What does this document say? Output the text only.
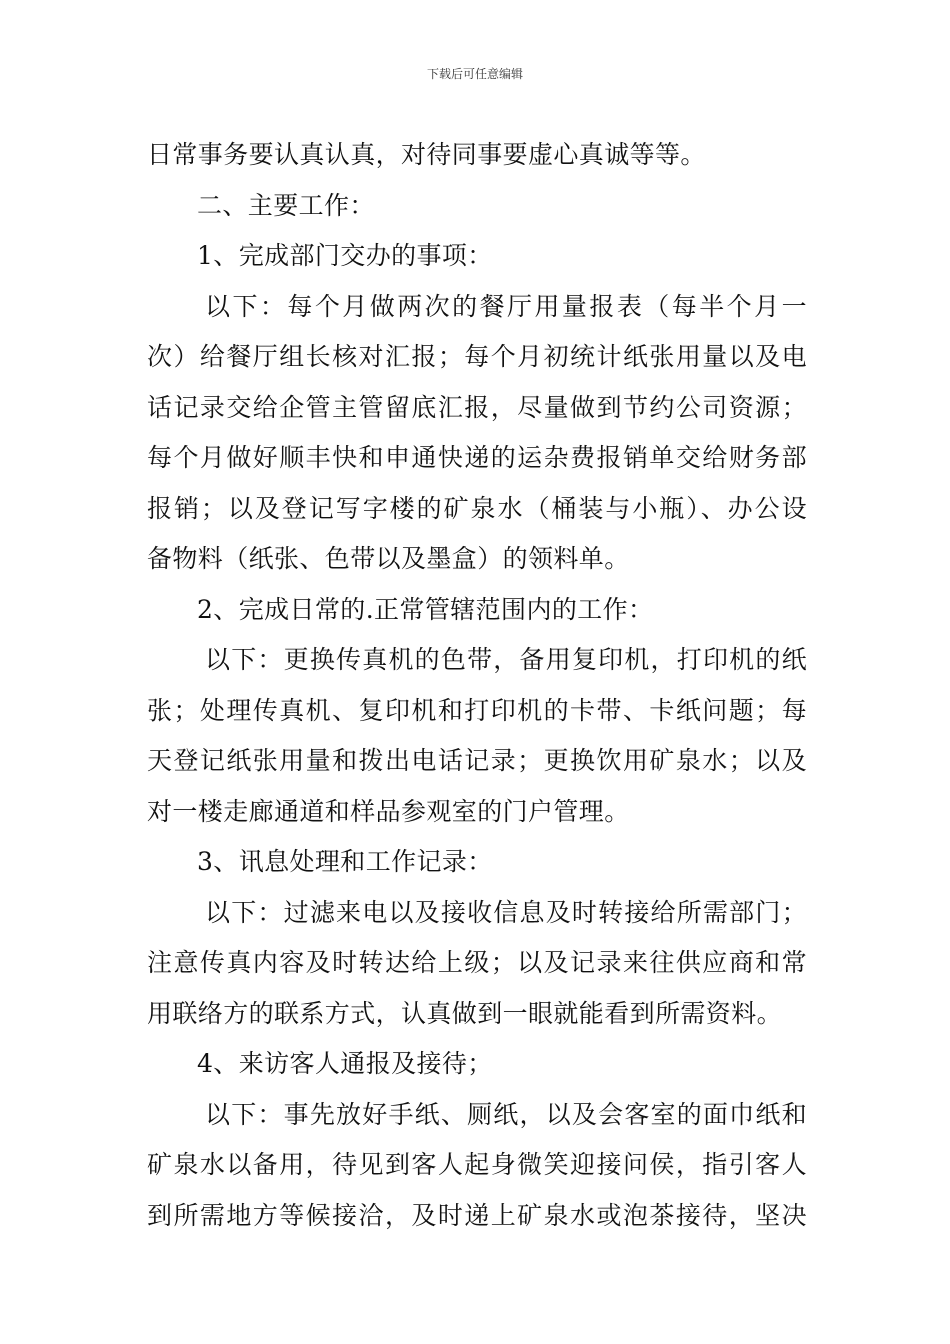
下载后可任意编辑
日常事务要认真认真，对待同事要虚心真诚等等。
二、主要工作：
1、完成部门交办的事项：
以下：每个月做两次的餐厅用量报表（每半个月一
次）给餐厅组长核对汇报；每个月初统计纸张用量以及电
话记录交给企管主管留底汇报，尽量做到节约公司资源；
每个月做好顺丰快和申通快递的运杂费报销单交给财务部
报销；以及登记写字楼的矿泉水（桶装与小瓶）、办公设
备物料（纸张、色带以及墨盒）的领料单。
2、完成日常的.正常管辖范围内的工作：
以下：更换传真机的色带，备用复印机，打印机的纸
张；处理传真机、复印机和打印机的卡带、卡纸问题；每
天登记纸张用量和拨出电话记录；更换饮用矿泉水；以及
对一楼走廊通道和样品参观室的门户管理。
3、讯息处理和工作记录：
以下：过滤来电以及接收信息及时转接给所需部门；
注意传真内容及时转达给上级；以及记录来往供应商和常
用联络方的联系方式，认真做到一眼就能看到所需资料。
4、来访客人通报及接待；
以下：事先放好手纸、厕纸，以及会客室的面巾纸和
矿泉水以备用，待见到客人起身微笑迎接问侯，指引客人
到所需地方等候接洽，及时递上矿泉水或泡茶接待，坚决
